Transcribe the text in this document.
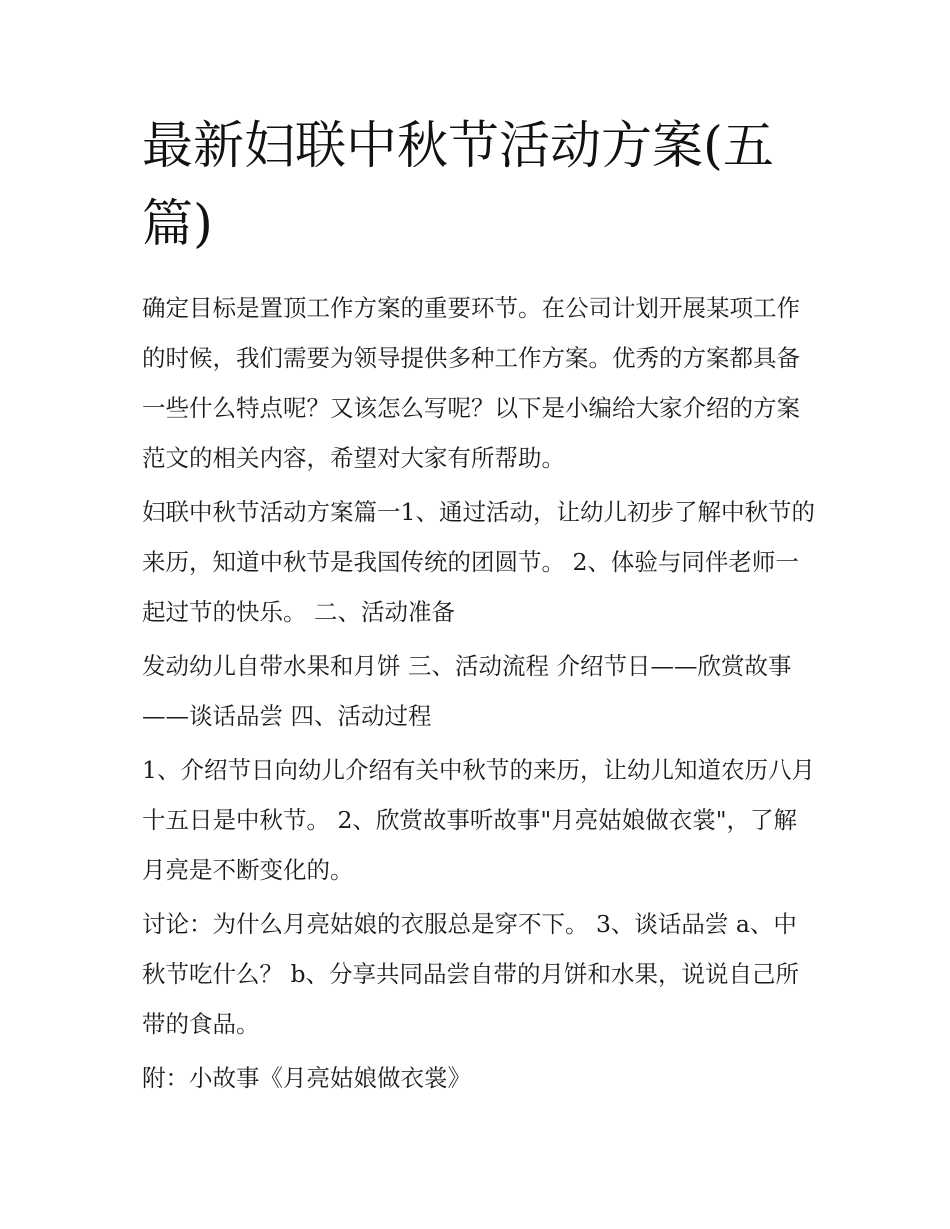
最新妇联中秋节活动方案(五篇)

确定目标是置顶工作方案的重要环节。在公司计划开展某项工作的时候，我们需要为领导提供多种工作方案。优秀的方案都具备一些什么特点呢？又该怎么写呢？以下是小编给大家介绍的方案范文的相关内容，希望对大家有所帮助。

妇联中秋节活动方案篇一1、通过活动，让幼儿初步了解中秋节的来历，知道中秋节是我国传统的团圆节。 2、体验与同伴老师一起过节的快乐。 二、活动准备

发动幼儿自带水果和月饼 三、活动流程 介绍节日——欣赏故事——谈话品尝 四、活动过程

1、介绍节日向幼儿介绍有关中秋节的来历，让幼儿知道农历八月十五日是中秋节。 2、欣赏故事听故事"月亮姑娘做衣裳"，了解月亮是不断变化的。

讨论：为什么月亮姑娘的衣服总是穿不下。 3、谈话品尝 a、中秋节吃什么？ b、分享共同品尝自带的月饼和水果，说说自己所带的食品。

附：小故事《月亮姑娘做衣裳》
